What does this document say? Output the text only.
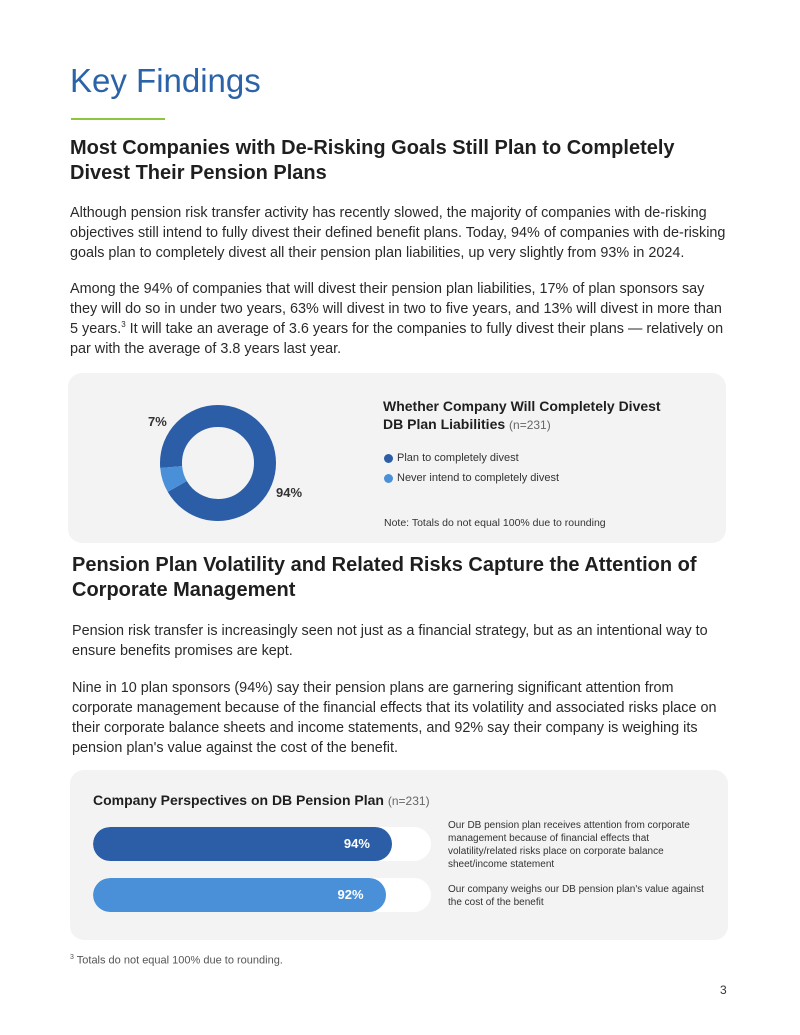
Key Findings
Most Companies with De-Risking Goals Still Plan to Completely Divest Their Pension Plans

Although pension risk transfer activity has recently slowed, the majority of companies with de-risking objectives still intend to fully divest their defined benefit plans. Today, 94% of companies with de-risking goals plan to completely divest all their pension plan liabilities, up very slightly from 93% in 2024.

Among the 94% of companies that will divest their pension plan liabilities, 17% of plan sponsors say they will do so in under two years, 63% will divest in two to five years, and 13% will divest in more than 5 years.$^3$ It will take an average of 3.6 years for the companies to fully divest their plans — relatively on par with the average of 3.8 years last year.

7%
94%
Whether Company Will Completely Divest DB Plan Liabilities (n=231)
Plan to completely divest
Never intend to completely divest
Note: Totals do not equal 100% due to rounding
Pension Plan Volatility and Related Risks Capture the Attention of Corporate Management

Pension risk transfer is increasingly seen not just as a financial strategy, but as an intentional way to ensure benefits promises are kept.

Nine in 10 plan sponsors (94%) say their pension plans are garnering significant attention from corporate management because of the financial effects that its volatility and associated risks place on their corporate balance sheets and income statements, and 92% say their company is weighing its pension plan's value against the cost of the benefit.

Company Perspectives on DB Pension Plan (n=231)
94%
Our DB pension plan receives attention from corporate management because of financial effects that volatility/related risks place on corporate balance sheet/income statement
92%	Our company weighs our DB pension plan's value against the cost of the benefit
$^3$ Totals do not equal 100% due to rounding.
3
